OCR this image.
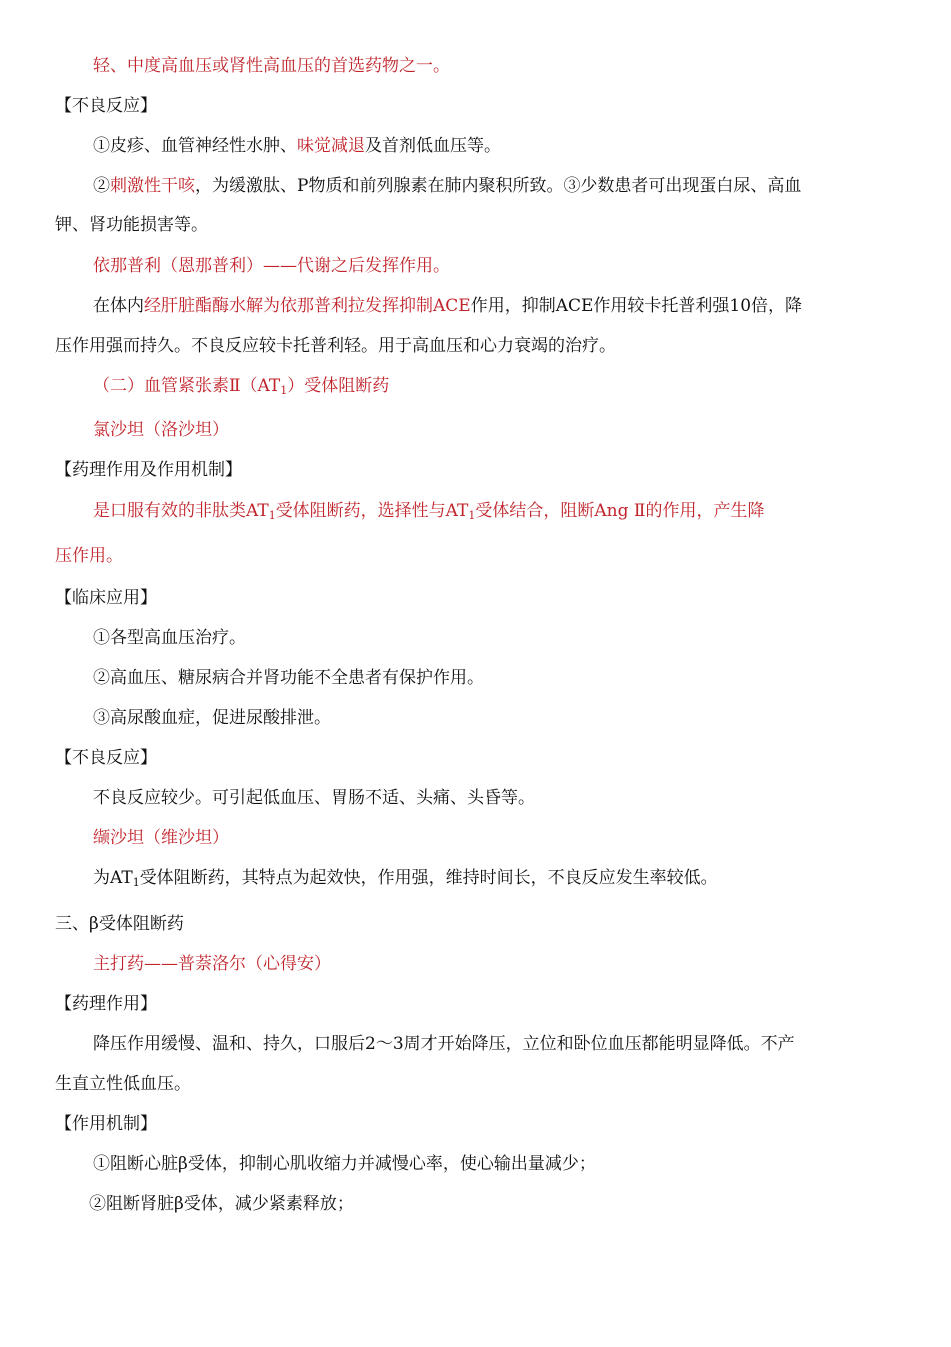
轻、中度高血压或肾性高血压的首选药物之一。
【不良反应】
①皮疹、血管神经性水肿、味觉减退及首剂低血压等。
②刺激性干咳，为缓激肽、P物质和前列腺素在肺内聚积所致。③少数患者可出现蛋白尿、高血
钾、肾功能损害等。
依那普利（恩那普利）——代谢之后发挥作用。
在体内经肝脏酯酶水解为依那普利拉发挥抑制ACE作用，抑制ACE作用较卡托普利强10倍，降
压作用强而持久。不良反应较卡托普利轻。用于高血压和心力衰竭的治疗。
（二）血管紧张素$Ⅱ(AT_1)$受体阻断药
氯沙坦（洛沙坦）
【药理作用及作用机制】
是口服有效的非肽类$AT_1$受体阻断药，选择性与$AT_1$受体结合，阻断Ang Ⅱ的作用，产生降
压作用。
【临床应用】
①各型高血压治疗。
②高血压、糖尿病合并肾功能不全患者有保护作用。
③高尿酸血症，促进尿酸排泄。
【不良反应】
不良反应较少。可引起低血压、胃肠不适、头痛、头昏等。
缬沙坦（维沙坦）
为$AT_1$受体阻断药，其特点为起效快，作用强，维持时间长，不良反应发生率较低。
三、β受体阻断药
主打药——普萘洛尔（心得安）
【药理作用】
降压作用缓慢、温和、持久，口服后2～3周才开始降压，立位和卧位血压都能明显降低。不产
生直立性低血压。
【作用机制】
①阻断心脏β受体，抑制心肌收缩力并减慢心率，使心输出量减少；
②阻断肾脏β受体，减少紧素释放；
